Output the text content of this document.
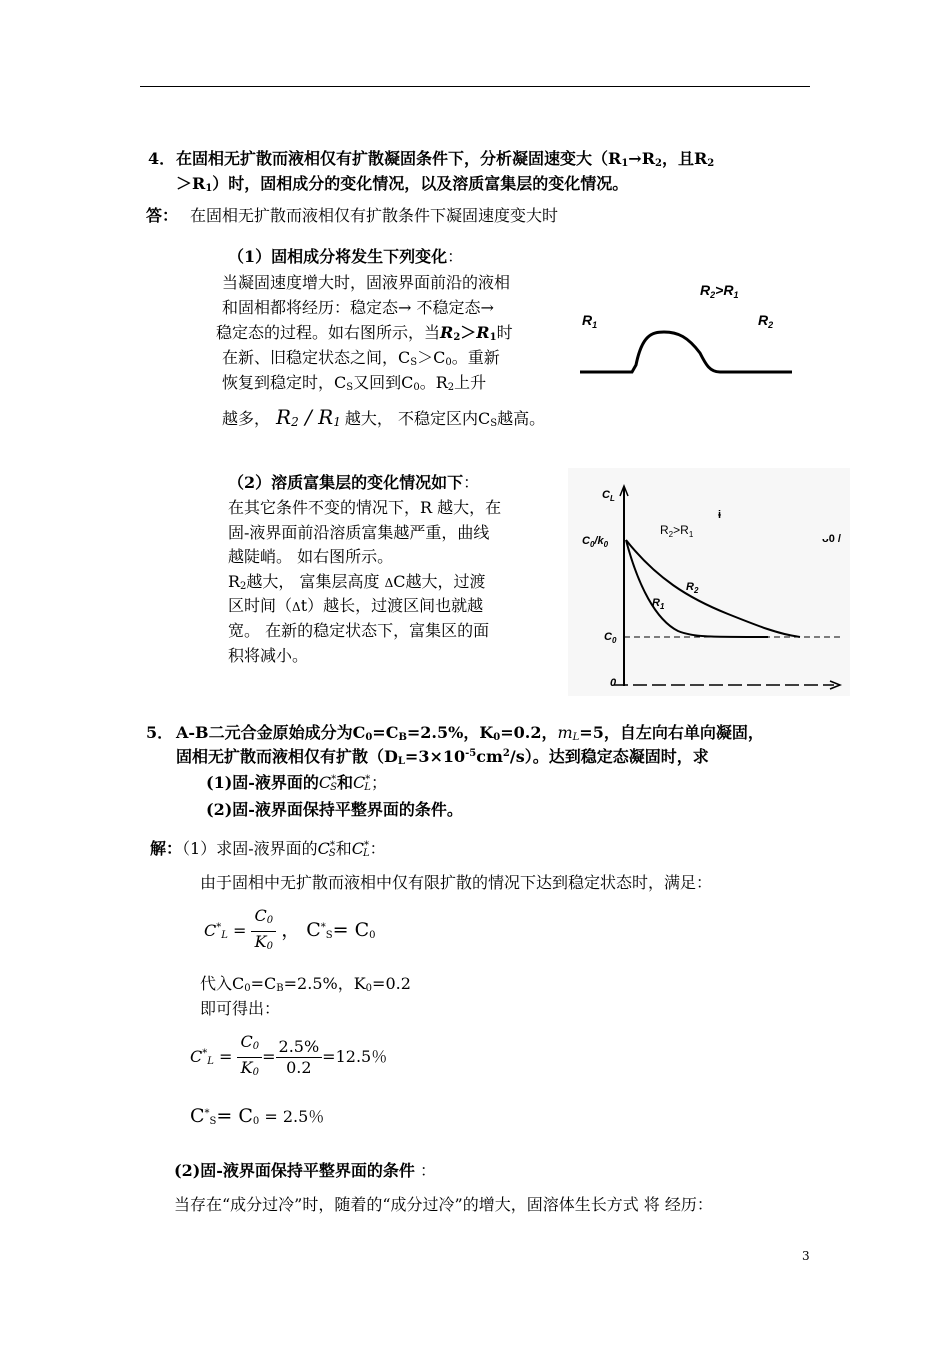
4． 在固相无扩散而液相仅有扩散凝固条件下，分析凝固速变大（$R_1\to R_2$，且$R_2$
$>R_1$）时，固相成分的变化情况，以及溶质富集层的变化情况。
答： 在固相无扩散而液相仅有扩散条件下凝固速度变大时
（1）固相成分将发生下列变化：
当凝固速度增大时，固液界面前沿的液相
和固相都将经历：稳定态→ 不稳定态→
稳定态的过程。如右图所示，当$R_2>R_1$时
在新、旧稳定状态之间，$C_S>C_0$。重新
恢复到稳定时，$C_S$又回到$C_0$。$R_2$上升
越多， $R_2 / R_1$ 越大， 不稳定区内$C_S$越高。
$R_2>R_1$
$R_1$	$R_2$
（2）溶质富集层的变化情况如下：
在其它条件不变的情况下，R 越大，在
固-液界面前沿溶质富集越严重，曲线
越陡峭。 如右图所示。
$R_2$越大， 富集层高度 ΔC越大，过渡
区时间（Δt）越长，过渡区间也就越
宽。 在新的稳定状态下，富集区的面
积将减小。
$C_L$
$C_0/k_0$
$C_0$
0
$R_2>R_1$
ɨ
ᴗ0 /
$R_1$
$R_2$
5． A-B二元合金原始成分为$C_0=C_B=2.5\%$，$K_0=0.2$，$m_L=5$，自左向右单向凝固，
固相无扩散而液相仅有扩散$(D_L=3\times 10^{-5}cm^2/s)$。达到稳定态凝固时，求
(1)固-液界面的$C^*_S$和$C^*_L$；
(2)固-液界面保持平整界面的条件。
解：（1）求固-液界面的$C^*_S$和$C^*_L$：
由于固相中无扩散而液相中仅有限扩散的情况下达到稳定状态时，满足：
$C^*_L = \frac{C_0}{K_0}$ ， $C^*_S= C_0$
代入$C_0=C_B=2.5\%$，$K_0=0.2$
即可得出：
$C^*_L = \frac{C_0}{K_0} = \frac{2.5\%}{0.2} =12.5$％
$C^*_S= C_0 = 2.5$％
(2)固-液界面保持平整界面的条件 ：
当存在“成分过冷”时，随着的“成分过冷”的增大，固溶体生长方式 将 经历：
3
